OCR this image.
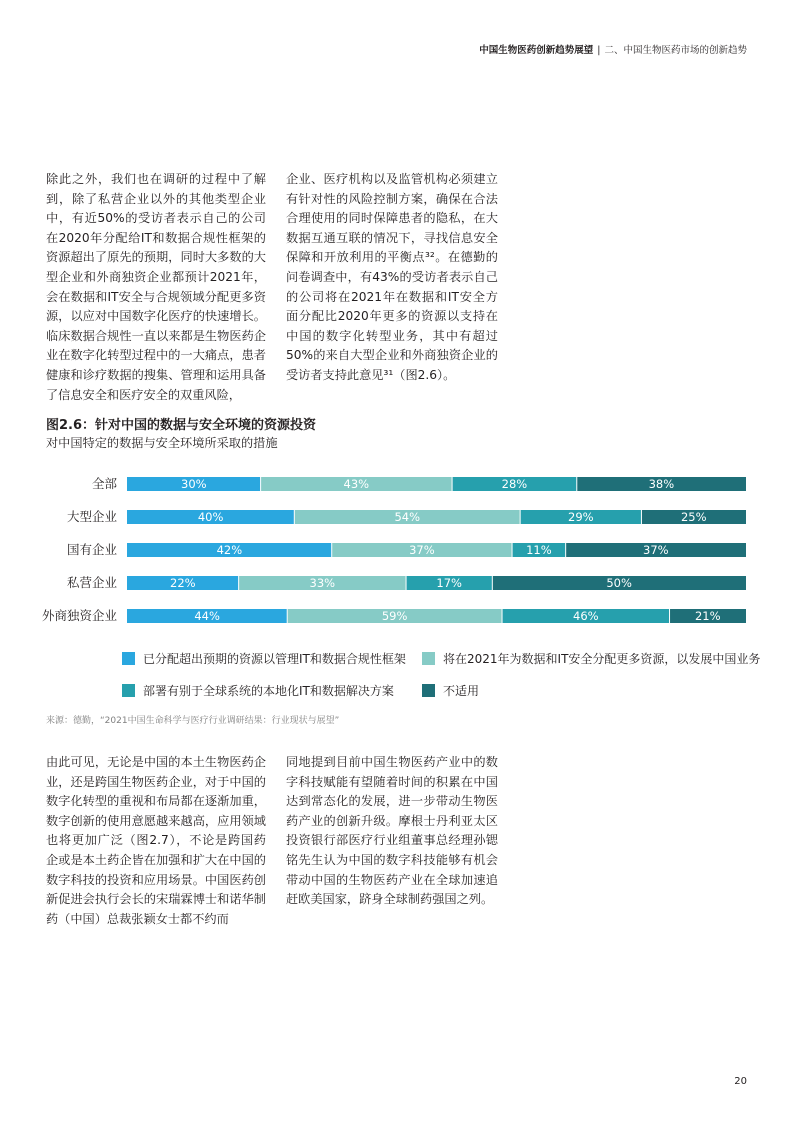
中国生物医药创新趋势展望 | 二、中国生物医药市场的创新趋势
除此之外，我们也在调研的过程中了解到，除了私营企业以外的其他类型企业中，有近50%的受访者表示自己的公司在2020年分配给IT和数据合规性框架的资源超出了原先的预期，同时大多数的大型企业和外商独资企业都预计2021年，会在数据和IT安全与合规领域分配更多资源，以应对中国数字化医疗的快速增长。临床数据合规性一直以来都是生物医药企业在数字化转型过程中的一大痛点，患者健康和诊疗数据的搜集、管理和运用具备了信息安全和医疗安全的双重风险，
企业、医疗机构以及监管机构必须建立有针对性的风险控制方案，确保在合法合理使用的同时保障患者的隐私，在大数据互通互联的情况下，寻找信息安全保障和开放利用的平衡点³²。在德勤的问卷调查中，有43%的受访者表示自己的公司将在2021年在数据和IT安全方面分配比2020年更多的资源以支持在中国的数字化转型业务，其中有超过50%的来自大型企业和外商独资企业的受访者支持此意见³¹（图2.6）。
图2.6：针对中国的数据与安全环境的资源投资
对中国特定的数据与安全环境所采取的措施
全部	30%	43%	28%	38%
大型企业	40%	54%	29%	25%
国有企业	42%	37%	11%	37%
私营企业	22%	33%	17%	50%
外商独资企业	44%	59%	46%	21%
已分配超出预期的资源以管理IT和数据合规性框架	将在2021年为数据和IT安全分配更多资源，以发展中国业务
部署有别于全球系统的本地化IT和数据解决方案	不适用
来源：德勤，“2021中国生命科学与医疗行业调研结果：行业现状与展望”
由此可见，无论是中国的本土生物医药企业，还是跨国生物医药企业，对于中国的数字化转型的重视和布局都在逐渐加重，数字创新的使用意愿越来越高，应用领域也将更加广泛（图2.7），不论是跨国药企或是本土药企皆在加强和扩大在中国的数字科技的投资和应用场景。中国医药创新促进会执行会长的宋瑞霖博士和诺华制药（中国）总裁张颖女士都不约而
同地提到目前中国生物医药产业中的数字科技赋能有望随着时间的积累在中国达到常态化的发展，进一步带动生物医药产业的创新升级。摩根士丹利亚太区投资银行部医疗行业组董事总经理孙锶铭先生认为中国的数字科技能够有机会带动中国的生物医药产业在全球加速追赶欧美国家，跻身全球制药强国之列。
20
